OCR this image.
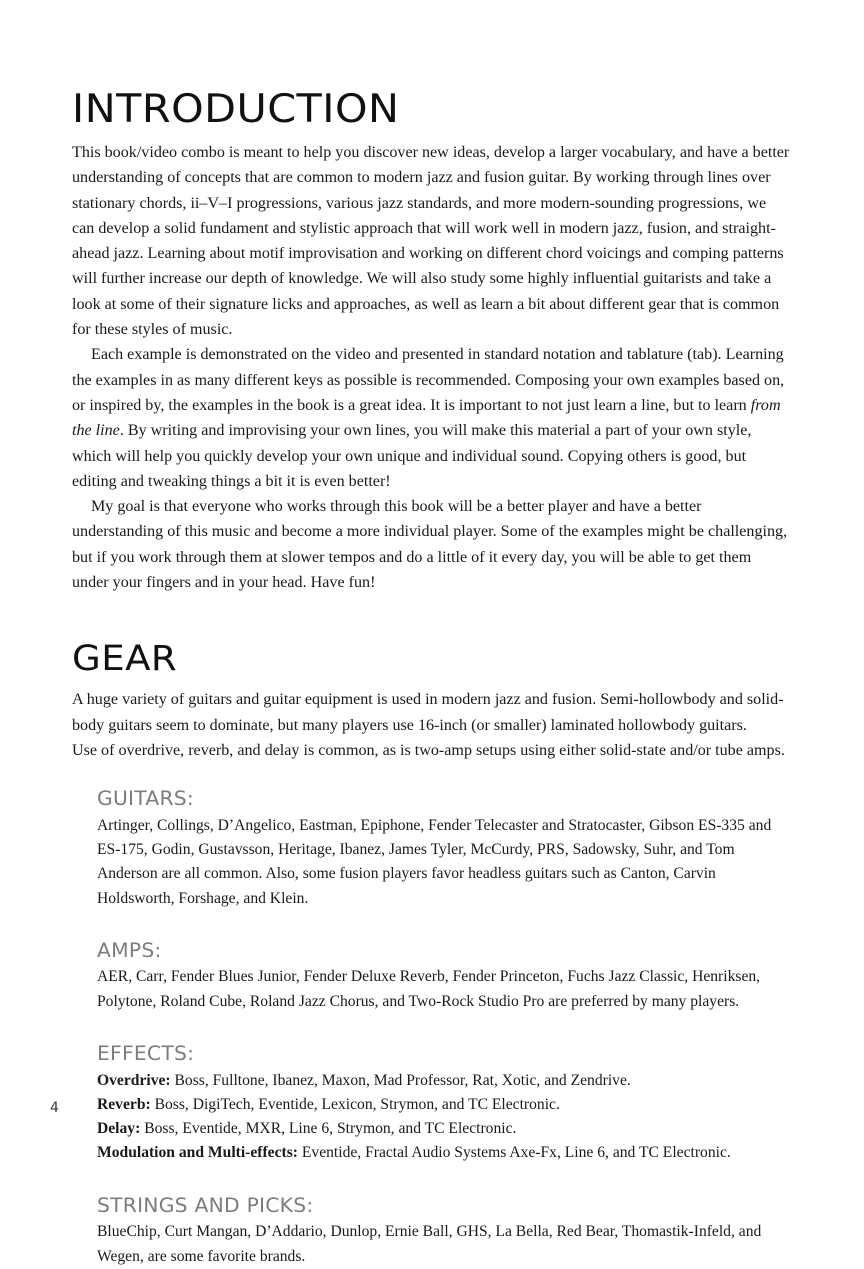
INTRODUCTION

This book/video combo is meant to help you discover new ideas, develop a larger vocabulary, and have a better understanding of concepts that are common to modern jazz and fusion guitar. By working through lines over stationary chords, ii–V–I progressions, various jazz standards, and more modern-sounding progressions, we can develop a solid fundament and stylistic approach that will work well in modern jazz, fusion, and straight-ahead jazz. Learning about motif improvisation and working on different chord voicings and comping patterns will further increase our depth of knowledge. We will also study some highly influential guitarists and take a look at some of their signature licks and approaches, as well as learn a bit about different gear that is common for these styles of music.

Each example is demonstrated on the video and presented in standard notation and tablature (tab). Learning the examples in as many different keys as possible is recommended. Composing your own examples based on, or inspired by, the examples in the book is a great idea. It is important to not just learn a line, but to learn from the line. By writing and improvising your own lines, you will make this material a part of your own style, which will help you quickly develop your own unique and individual sound. Copying others is good, but editing and tweaking things a bit it is even better!

My goal is that everyone who works through this book will be a better player and have a better understanding of this music and become a more individual player. Some of the examples might be challenging, but if you work through them at slower tempos and do a little of it every day, you will be able to get them under your fingers and in your head. Have fun!

GEAR
A huge variety of guitars and guitar equipment is used in modern jazz and fusion. Semi-hollowbody and solid-body guitars seem to dominate, but many players use 16-inch (or smaller) laminated hollowbody guitars.
Use of overdrive, reverb, and delay is common, as is two-amp setups using either solid-state and/or tube amps.
GUITARS:

Artinger, Collings, D’Angelico, Eastman, Epiphone, Fender Telecaster and Stratocaster, Gibson ES-335 and ES-175, Godin, Gustavsson, Heritage, Ibanez, James Tyler, McCurdy, PRS, Sadowsky, Suhr, and Tom Anderson are all common. Also, some fusion players favor headless guitars such as Canton, Carvin Holdsworth, Forshage, and Klein.

AMPS:

AER, Carr, Fender Blues Junior, Fender Deluxe Reverb, Fender Princeton, Fuchs Jazz Classic, Henriksen, Polytone, Roland Cube, Roland Jazz Chorus, and Two-Rock Studio Pro are preferred by many players.

EFFECTS:

Overdrive: Boss, Fulltone, Ibanez, Maxon, Mad Professor, Rat, Xotic, and Zendrive.
Reverb: Boss, DigiTech, Eventide, Lexicon, Strymon, and TC Electronic.
Delay: Boss, Eventide, MXR, Line 6, Strymon, and TC Electronic.
Modulation and Multi-effects: Eventide, Fractal Audio Systems Axe-Fx, Line 6, and TC Electronic.

STRINGS AND PICKS:

BlueChip, Curt Mangan, D’Addario, Dunlop, Ernie Ball, GHS, La Bella, Red Bear, Thomastik-Infeld, and Wegen, are some favorite brands.

4
